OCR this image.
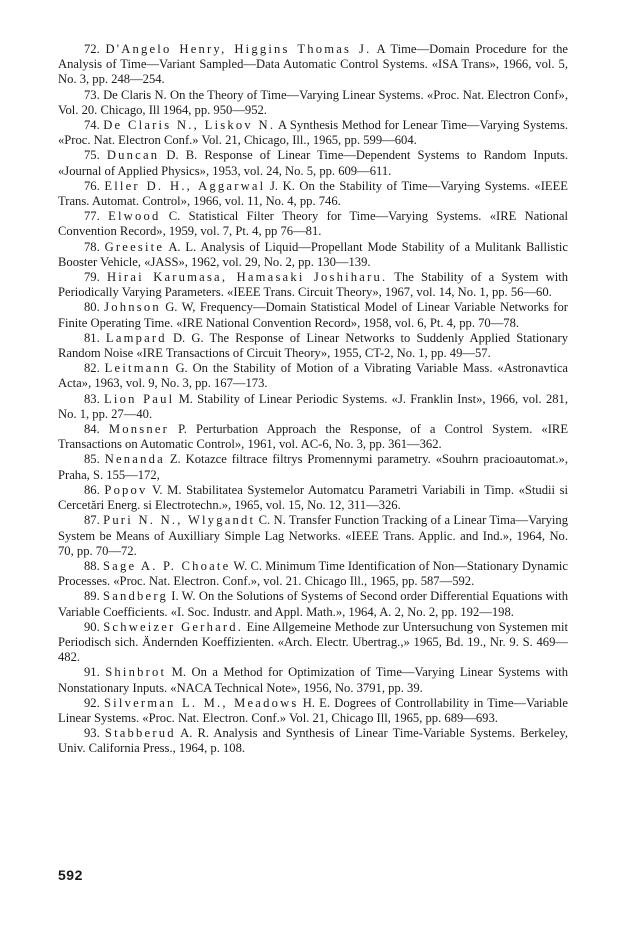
72. D'Angelo Henry, Higgins Thomas J. A Time—Domain Procedure for the Analysis of Time—Variant Sampled—Data Automatic Control Systems. «ISA Trans», 1966, vol. 5, No. 3, pp. 248—254.

73. De Claris N. On the Theory of Time—Varying Linear Systems. «Proc. Nat. Electron Conf», Vol. 20. Chicago, Ill 1964, pp. 950—952.

74. De Claris N., Liskov N. A Synthesis Method for Lenear Time—Varying Systems. «Proc. Nat. Electron Conf.» Vol. 21, Chicago, Ill., 1965, pp. 599—604.

75. Duncan D. B. Response of Linear Time—Dependent Systems to Random Inputs. «Journal of Applied Physics», 1953, vol. 24, No. 5, pp. 609—611.

76. Eller D. H., Aggarwal J. K. On the Stability of Time—Varying Systems. «IEEE Trans. Automat. Control», 1966, vol. 11, No. 4, pp. 746.

77. Elwood C. Statistical Filter Theory for Time—Varying Systems. «IRE National Convention Record», 1959, vol. 7, Pt. 4, pp 76—81.

78. Greesite A. L. Analysis of Liquid—Propellant Mode Stability of a Mulitank Ballistic Booster Vehicle, «JASS», 1962, vol. 29, No. 2, pp. 130—139.

79. Hirai Karumasa, Hamasaki Joshiharu. The Stability of a System with Periodically Varying Parameters. «IEEE Trans. Circuit Theory», 1967, vol. 14, No. 1, pp. 56—60.

80. Johnson G. W, Frequency—Domain Statistical Model of Linear Variable Networks for Finite Operating Time. «IRE National Convention Record», 1958, vol. 6, Pt. 4, pp. 70—78.

81. Lampard D. G. The Response of Linear Networks to Suddenly Applied Stationary Random Noise «IRE Transactions of Circuit Theory», 1955, CT-2, No. 1, pp. 49—57.

82. Leitmann G. On the Stability of Motion of a Vibrating Variable Mass. «Astronavtica Acta», 1963, vol. 9, No. 3, pp. 167—173.

83. Lion Paul M. Stability of Linear Periodic Systems. «J. Franklin Inst», 1966, vol. 281, No. 1, pp. 27—40.

84. Monsner P. Perturbation Approach the Response, of a Control System. «IRE Transactions on Automatic Control», 1961, vol. AC-6, No. 3, pp. 361—362.

85. Nenanda Z. Kotazce filtrace filtrys Promennymi parametry. «Souhrn pracioautomat.», Praha, S. 155—172,

86. Popov V. M. Stabilitatea Systemelor Automatcu Parametri Variabili in Timp. «Studii si Cercetări Energ. si Electrotechn.», 1965, vol. 15, No. 12, 311—326.

87. Puri N. N., Wlygandt C. N. Transfer Function Tracking of a Linear Tima—Varying System be Means of Auxilliary Simple Lag Networks. «IEEE Trans. Applic. and Ind.», 1964, No. 70, pp. 70—72.

88. Sage A. P. Choate W. C. Minimum Time Identification of Non—Stationary Dynamic Processes. «Proc. Nat. Electron. Conf.», vol. 21. Chicago Ill., 1965, pp. 587—592.

89. Sandberg I. W. On the Solutions of Systems of Second order Differential Equations with Variable Coefficients. «I. Soc. Industr. and Appl. Math.», 1964, A. 2, No. 2, pp. 192—198.

90. Schweizer Gerhard. Eine Allgemeine Methode zur Untersuchung von Systemen mit Periodisch sich. Ändernden Koeffizienten. «Arch. Electr. Ubertrag.,» 1965, Bd. 19., Nr. 9. S. 469—482.

91. Shinbrot M. On a Method for Optimization of Time—Varying Linear Systems with Nonstationary Inputs. «NACA Technical Note», 1956, No. 3791, pp. 39.

92. Silverman L. M., Meadows H. E. Dogrees of Controllability in Time—Variable Linear Systems. «Proc. Nat. Electron. Conf.» Vol. 21, Chicago Ill, 1965, pp. 689—693.

93. Stabberud A. R. Analysis and Synthesis of Linear Time-Variable Systems. Berkeley, Univ. California Press., 1964, p. 108.

592
